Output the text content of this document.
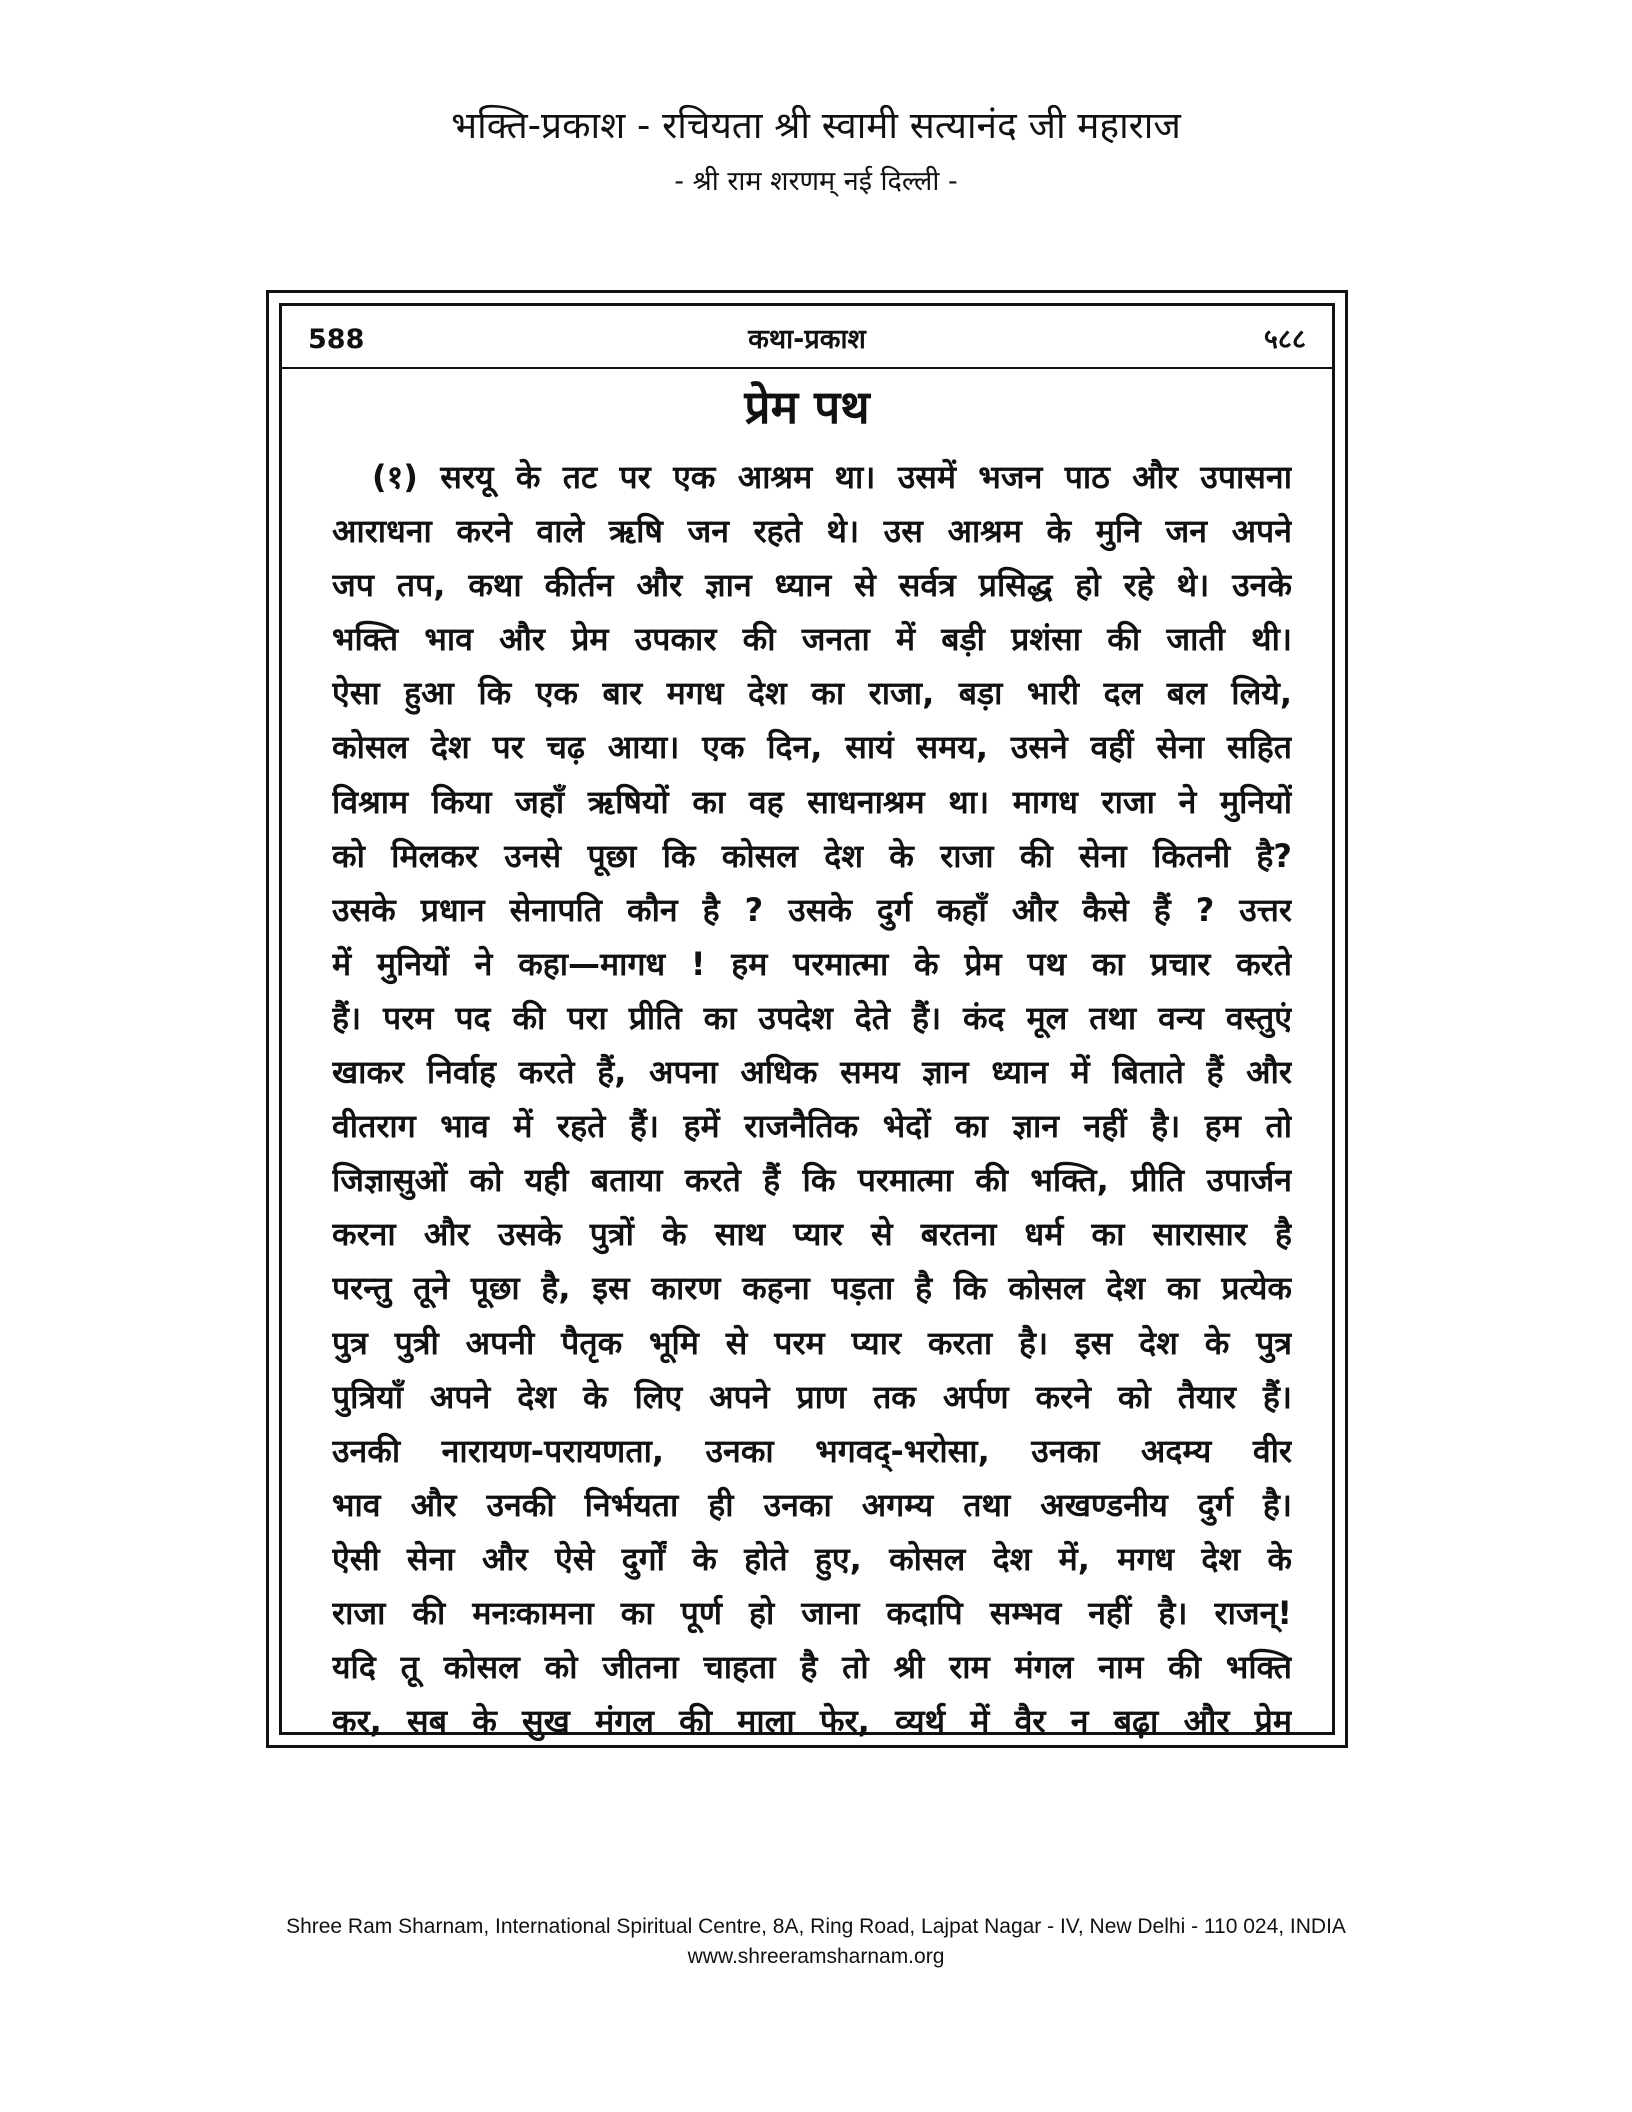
भक्ति-प्रकाश - रचियता श्री स्वामी सत्यानंद जी महाराज
- श्री राम शरणम् नई दिल्ली -
कथा-प्रकाश
588	५८८
प्रेम पथ
(१) सरयू के तट पर एक आश्रम था। उसमें भजन पाठ और उपासना
आराधना करने वाले ऋषि जन रहते थे। उस आश्रम के मुनि जन अपने
जप तप, कथा कीर्तन और ज्ञान ध्यान से सर्वत्र प्रसिद्ध हो रहे थे। उनके
भक्ति भाव और प्रेम उपकार की जनता में बड़ी प्रशंसा की जाती थी।
ऐसा हुआ कि एक बार मगध देश का राजा, बड़ा भारी दल बल लिये,
कोसल देश पर चढ़ आया। एक दिन, सायं समय, उसने वहीं सेना सहित
विश्राम किया जहाँ ऋषियों का वह साधनाश्रम था। मागध राजा ने मुनियों
को मिलकर उनसे पूछा कि कोसल देश के राजा की सेना कितनी है?
उसके प्रधान सेनापति कौन है ? उसके दुर्ग कहाँ और कैसे हैं ? उत्तर
में मुनियों ने कहा—मागध ! हम परमात्मा के प्रेम पथ का प्रचार करते
हैं। परम पद की परा प्रीति का उपदेश देते हैं। कंद मूल तथा वन्य वस्तुएं
खाकर निर्वाह करते हैं, अपना अधिक समय ज्ञान ध्यान में बिताते हैं और
वीतराग भाव में रहते हैं। हमें राजनैतिक भेदों का ज्ञान नहीं है। हम तो
जिज्ञासुओं को यही बताया करते हैं कि परमात्मा की भक्ति, प्रीति उपार्जन
करना और उसके पुत्रों के साथ प्यार से बरतना धर्म का सारासार है
परन्तु तूने पूछा है, इस कारण कहना पड़ता है कि कोसल देश का प्रत्येक
पुत्र पुत्री अपनी पैतृक भूमि से परम प्यार करता है। इस देश के पुत्र
पुत्रियाँ अपने देश के लिए अपने प्राण तक अर्पण करने को तैयार हैं।
उनकी नारायण-परायणता, उनका भगवद्-भरोसा, उनका अदम्य वीर
भाव और उनकी निर्भयता ही उनका अगम्य तथा अखण्डनीय दुर्ग है।
ऐसी सेना और ऐसे दुर्गों के होते हुए, कोसल देश में, मगध देश के
राजा की मनःकामना का पूर्ण हो जाना कदापि सम्भव नहीं है। राजन्!
यदि तू कोसल को जीतना चाहता है तो श्री राम मंगल नाम की भक्ति
कर, सब के सुख मंगल की माला फेर, व्यर्थ में वैर न बढ़ा और प्रेम
Shree Ram Sharnam, International Spiritual Centre, 8A, Ring Road, Lajpat Nagar - IV, New Delhi - 110 024, INDIA
www.shreeramsharnam.org
